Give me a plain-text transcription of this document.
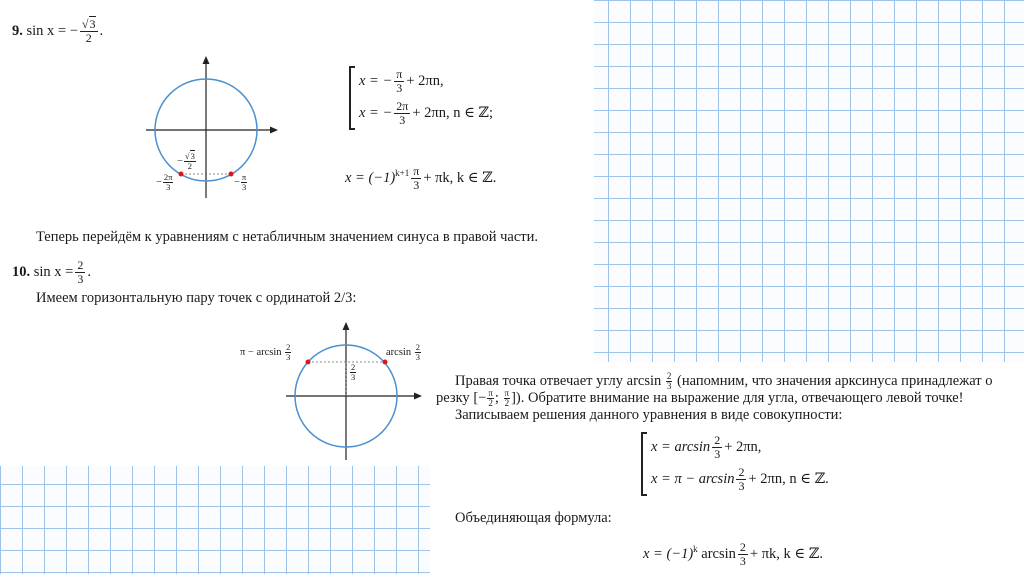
9. sin x = − $\frac{√3}{2}$ .
− $\frac{√3}{2}$
− $\frac{2\pi}{3}$	− $\frac{\pi}{3}$
x = − $\frac{\pi}{3} + 2\pi n$,
x = − $\frac{2\pi}{3} + 2\pi n$, n ∈ ℤ;
$x = (-1)^{k+1} \frac{\pi}{3} + \pi k$, k ∈ ℤ.
Теперь перейдём к уравнениям с нетабличным значением синуса в правой части.
10. $\sin x = \frac{2}{3}$ .
Имеем горизонтальную пару точек с ординатой 2/3:
$\pi - \arcsin \frac{2}{3}$	$\arcsin \frac{2}{3}$
$\frac{2}{3}$	Правая точка отвечает углу $\arcsin \frac{2}{3}$ (напомним, что значения арксинуса принадлежат о
резку [− $\frac{\pi}{2}$ ; $\frac{\pi}{2}$ ]). Обратите внимание на выражение для угла, отвечающего левой точке!
Записываем решения данного уравнения в виде совокупности:
$x = \arcsin \frac{2}{3} + 2\pi n$,
$x = \pi - \arcsin \frac{2}{3} + 2\pi n$, n ∈ ℤ.
Объединяющая формула:
$x = (-1)^k$ $\arcsin \frac{2}{3} + \pi k$, k ∈ ℤ.
